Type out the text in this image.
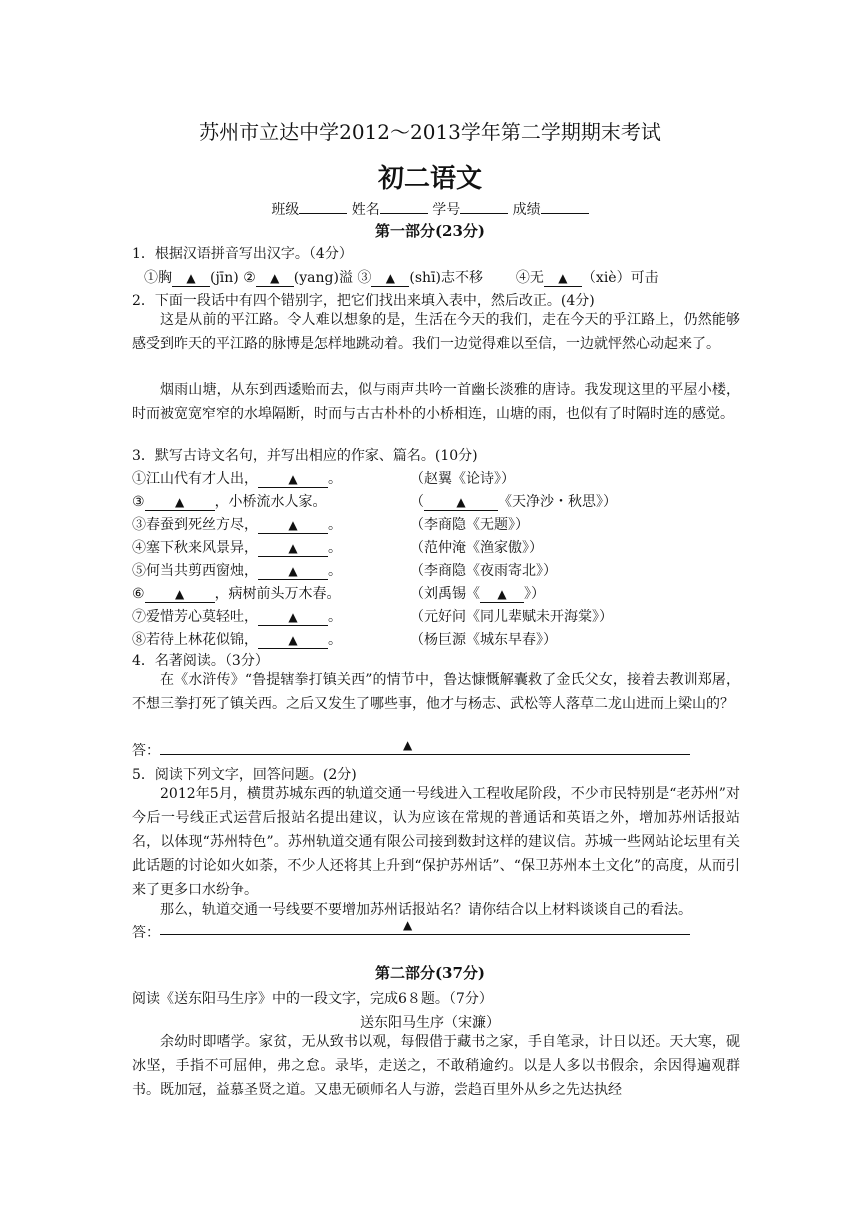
苏州市立达中学2012～2013学年第二学期期末考试
初二语文
班级	姓名	学号	成绩
第一部分(23分)
1．根据汉语拼音写出汉字。（4分）
①胸 ▲ (jīn) ② ▲ (yang)溢 ③ ▲ (shī)志不移 ④无 ▲ （xiè）可击
2．下面一段话中有四个错别字，把它们找出来填入表中，然后改正。(4分)
这是从前的平江路。令人难以想象的是，生活在今天的我们，走在今天的乎江路上，仍然能够感受到昨天的平江路的脉博是怎样地跳动着。我们一边觉得难以至信，一边就怦然心动起来了。
烟雨山塘，从东到西逶贻而去，似与雨声共吟一首幽长淡雅的唐诗。我发现这里的平屋小楼，时而被宽宽窄窄的水埠隔断，时而与古古朴朴的小桥相连，山塘的雨，也似有了时隔时连的感觉。
3．默写古诗文名句，并写出相应的作家、篇名。(10分)
①江山代有才人出，	▲ 。	（赵翼《论诗》）
③	▲ ，小桥流水人家。	（	▲ 《天净沙・秋思》）
③春蚕到死丝方尽，	▲ 。	（李商隐《无题》）
④塞下秋来风景异，	▲ 。	（范仲淹《渔家傲》）
⑤何当共剪西窗烛，	▲ 。	（李商隐《夜雨寄北》）
⑥	▲ ，病树前头万木春。	（刘禹锡《 ▲ 》）
⑦爱惜芳心莫轻吐，	▲ 。	（元好问《同儿辈赋未开海棠》）
⑧若待上林花似锦，	▲ 。	（杨巨源《城东早春》）
4．名著阅读。（3分）
在《水浒传》“鲁提辖拳打镇关西”的情节中，鲁达慷慨解囊救了金氏父女，接着去教训郑屠，不想三拳打死了镇关西。之后又发生了哪些事，他才与杨志、武松等人落草二龙山进而上梁山的？
答：	▲
5．阅读下列文字，回答问题。(2分)
2012年5月，横贯苏城东西的轨道交通一号线进入工程收尾阶段，不少市民特别是“老苏州”对今后一号线正式运营后报站名提出建议，认为应该在常规的普通话和英语之外，增加苏州话报站名，以体现“苏州特色”。苏州轨道交通有限公司接到数封这样的建议信。苏城一些网站论坛里有关此话题的讨论如火如荼，不少人还将其上升到“保护苏州话”、“保卫苏州本土文化”的高度，从而引来了更多口水纷争。
那么，轨道交通一号线要不要增加苏州话报站名？请你结合以上材料谈谈自己的看法。
答：	▲
第二部分(37分)
阅读《送东阳马生序》中的一段文字，完成6８题。（7分）
送东阳马生序（宋濂）
余幼时即嗜学。家贫，无从致书以观，每假借于藏书之家，手自笔录，计日以还。天大寒，砚冰坚，手指不可屈伸，弗之怠。录毕，走送之，不敢稍逾约。以是人多以书假余，余因得遍观群书。既加冠，益慕圣贤之道。又患无硕师名人与游，尝趋百里外从乡之先达执经
